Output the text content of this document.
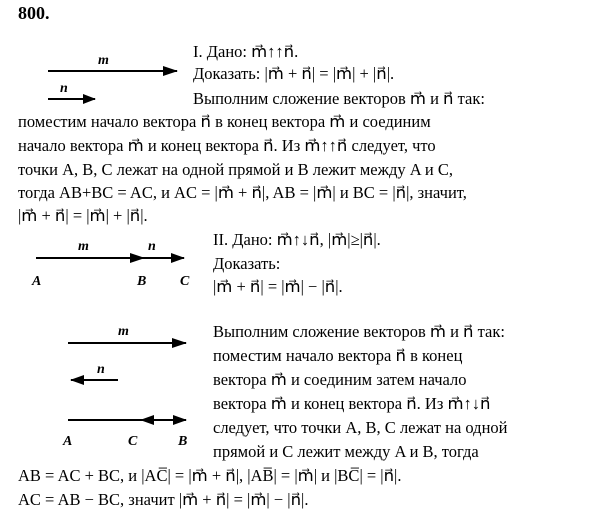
800.
m⃗
n⃗
m⃗	n⃗
A	B C
m⃗
n⃗
A	C	B
I. Дано: m⃗↑↑n⃗.
Доказать: |m⃗ + n⃗| = |m⃗| + |n⃗|.
Выполним сложение векторов m⃗ и n⃗ так:
поместим начало вектора n⃗ в конец вектора m⃗ и соединим
начало вектора m⃗ и конец вектора n⃗. Из m⃗↑↑n⃗ следует, что
точки A, B, C лежат на одной прямой и B лежит между A и C,
тогда AB+BC = AC, и AC = |m⃗ + n⃗|, AB = |m⃗| и BC = |n⃗|, значит,
|m⃗ + n⃗| = |m⃗| + |n⃗|.
II. Дано: m⃗↑↓n⃗, |m⃗|≥|n⃗|.
Доказать:
|m⃗ + n⃗| = |m⃗| − |n⃗|.
Выполним сложение векторов m⃗ и n⃗ так:
поместим начало вектора n⃗ в конец
вектора m⃗ и соединим затем начало
вектора m⃗ и конец вектора n⃗. Из m⃗↑↓n⃗
следует, что точки A, B, C лежат на одной
прямой и C лежит между A и B, тогда
AB = AC + BC, и |AC̅| = |m⃗ + n⃗|, |AB̅| = |m⃗| и |BC̅| = |n⃗|.
AC = AB − BC, значит |m⃗ + n⃗| = |m⃗| − |n⃗|.
